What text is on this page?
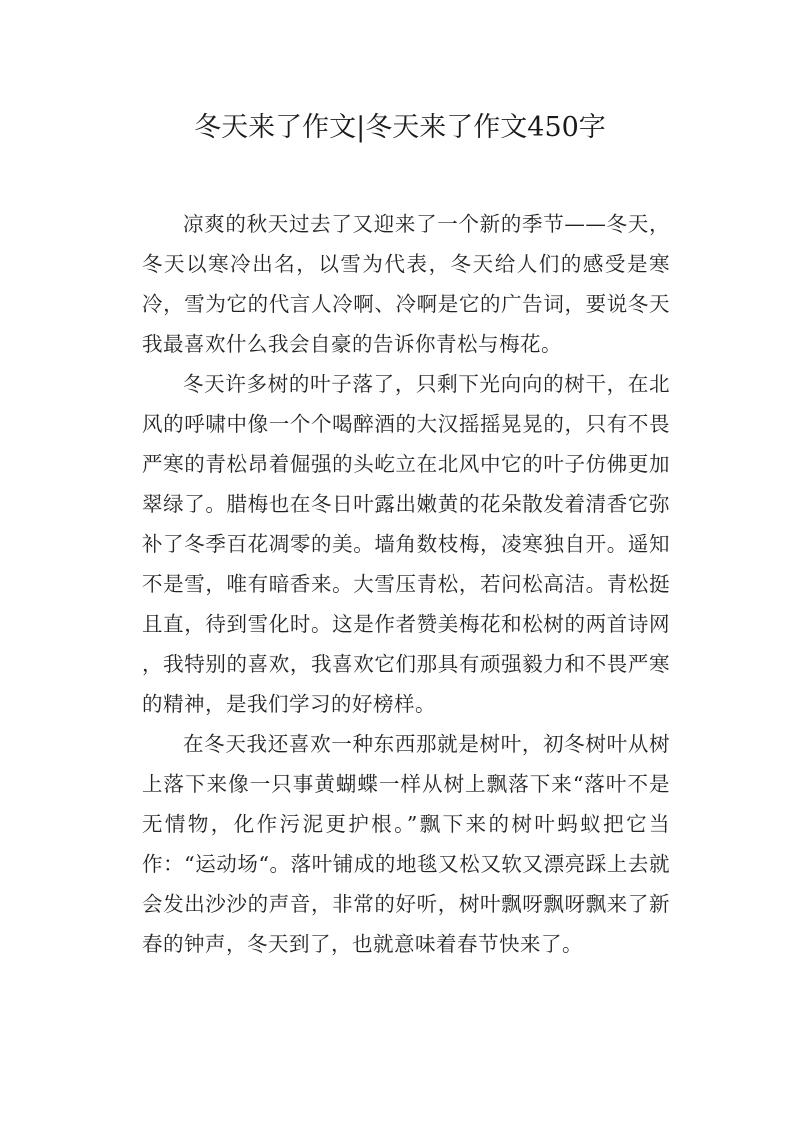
冬天来了作文|冬天来了作文450字

凉爽的秋天过去了又迎来了一个新的季节——冬天，冬天以寒冷出名，以雪为代表，冬天给人们的感受是寒冷，雪为它的代言人冷啊、冷啊是它的广告词，要说冬天我最喜欢什么我会自豪的告诉你青松与梅花。

冬天许多树的叶子落了，只剩下光向向的树干，在北风的呼啸中像一个个喝醉酒的大汉摇摇晃晃的，只有不畏严寒的青松昂着倔强的头屹立在北风中它的叶子仿佛更加翠绿了。腊梅也在冬日叶露出嫩黄的花朵散发着清香它弥补了冬季百花凋零的美。墙角数枝梅，凌寒独自开。遥知不是雪，唯有暗香来。大雪压青松，若问松高洁。青松挺且直，待到雪化时。这是作者赞美梅花和松树的两首诗网 ，我特别的喜欢，我喜欢它们那具有顽强毅力和不畏严寒的精神，是我们学习的好榜样。

在冬天我还喜欢一种东西那就是树叶，初冬树叶从树上落下来像一只事黄蝴蝶一样从树上飘落下来“落叶不是无情物，化作污泥更护根。”飘下来的树叶蚂蚁把它当作：“运动场“。落叶铺成的地毯又松又软又漂亮踩上去就会发出沙沙的声音，非常的好听，树叶飘呀飘呀飘来了新春的钟声，冬天到了，也就意味着春节快来了。
